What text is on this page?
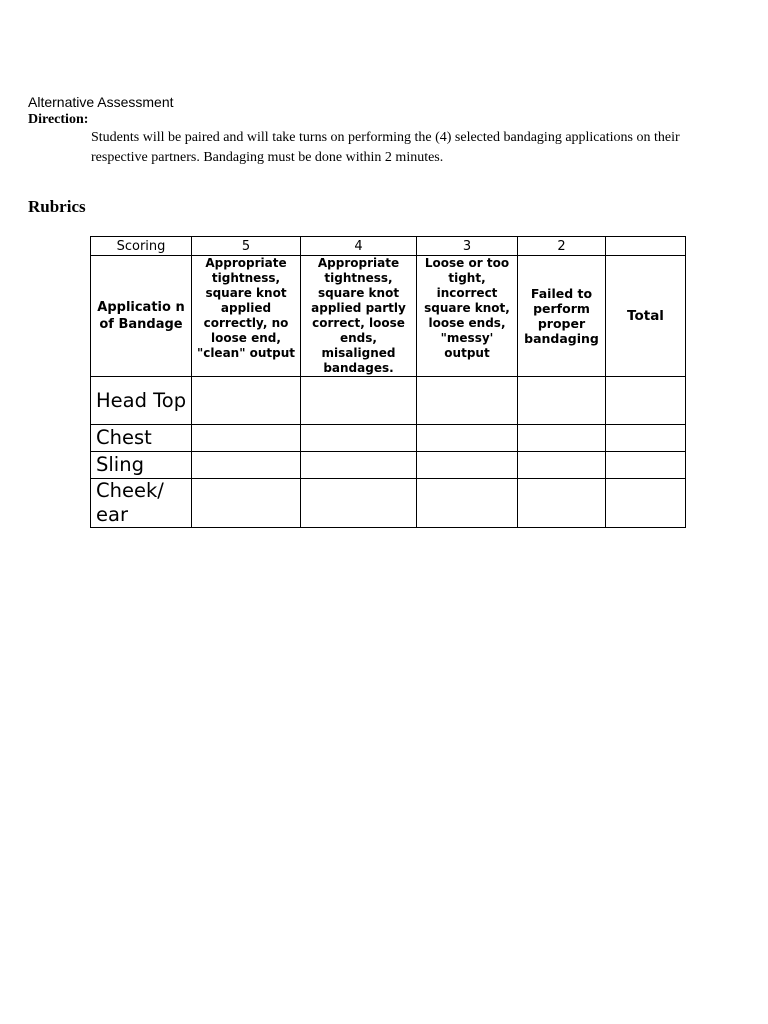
Alternative Assessment
Direction:
Students will be paired and will take turns on performing the (4) selected bandaging applications on their respective partners. Bandaging must be done within 2 minutes.
Rubrics
Scoring	5	4	3	2	
Applicatio n of Bandage	Appropriate tightness, square knot applied correctly, no loose end, "clean" output	Appropriate tightness, square knot applied partly correct, loose ends, misaligned bandages.	Loose or too tight, incorrect square knot, loose ends, "messy' output	Failed to perform proper bandaging	Total
Head Top					
Chest					
Sling					
Cheek/ ear					
